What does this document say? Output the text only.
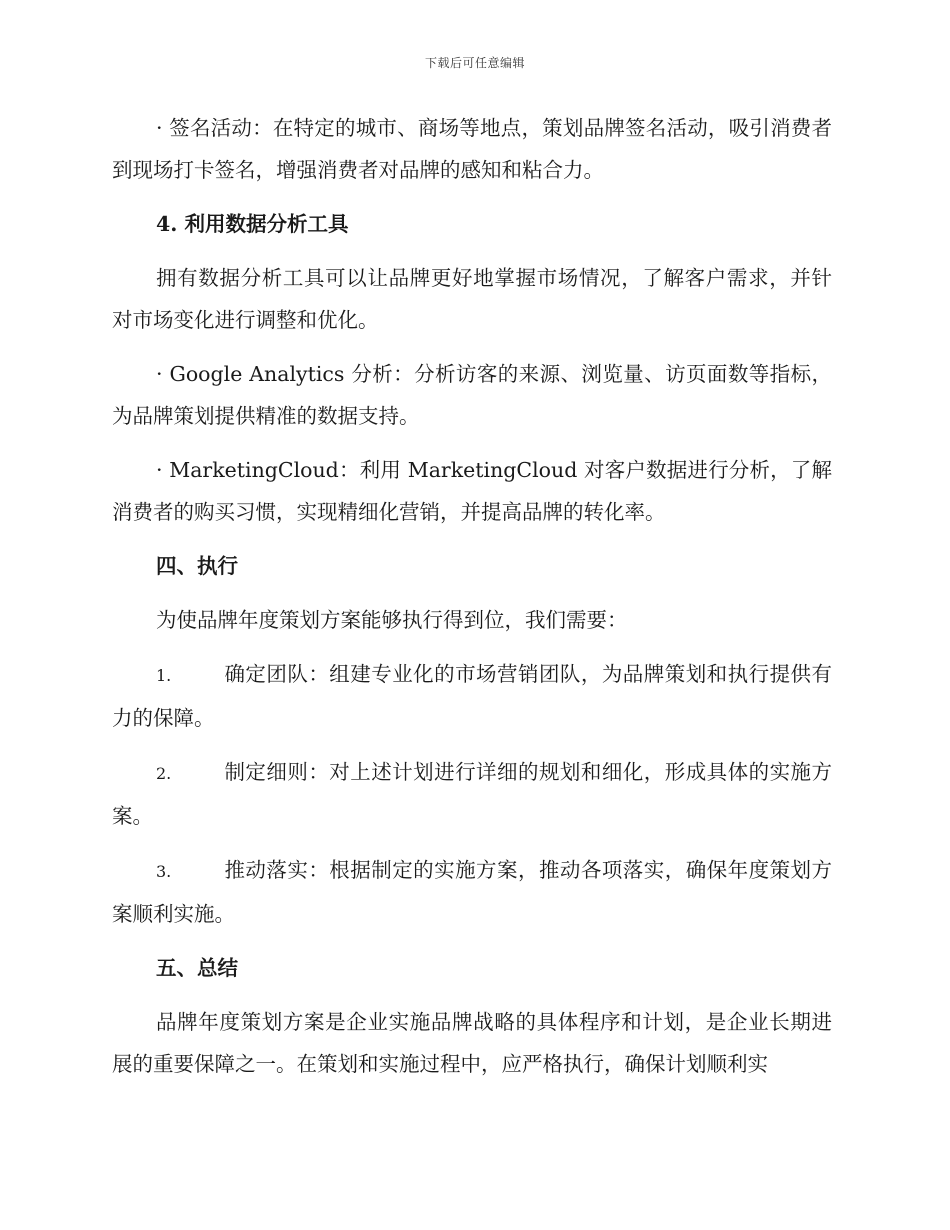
下载后可任意编辑

· 签名活动：在特定的城市、商场等地点，策划品牌签名活动，吸引消费者到现场打卡签名，增强消费者对品牌的感知和粘合力。

4. 利用数据分析工具

拥有数据分析工具可以让品牌更好地掌握市场情况，了解客户需求，并针对市场变化进行调整和优化。

· Google Analytics 分析：分析访客的来源、浏览量、访页面数等指标，为品牌策划提供精准的数据支持。

· MarketingCloud：利用 MarketingCloud 对客户数据进行分析，了解消费者的购买习惯，实现精细化营销，并提高品牌的转化率。

四、执行

为使品牌年度策划方案能够执行得到位，我们需要：

1.	确定团队：组建专业化的市场营销团队，为品牌策划和执行提供有力的保障。

2.	制定细则：对上述计划进行详细的规划和细化，形成具体的实施方案。

3.	推动落实：根据制定的实施方案，推动各项落实，确保年度策划方案顺利实施。

五、总结

品牌年度策划方案是企业实施品牌战略的具体程序和计划，是企业长期进展的重要保障之一。在策划和实施过程中，应严格执行，确保计划顺利实
